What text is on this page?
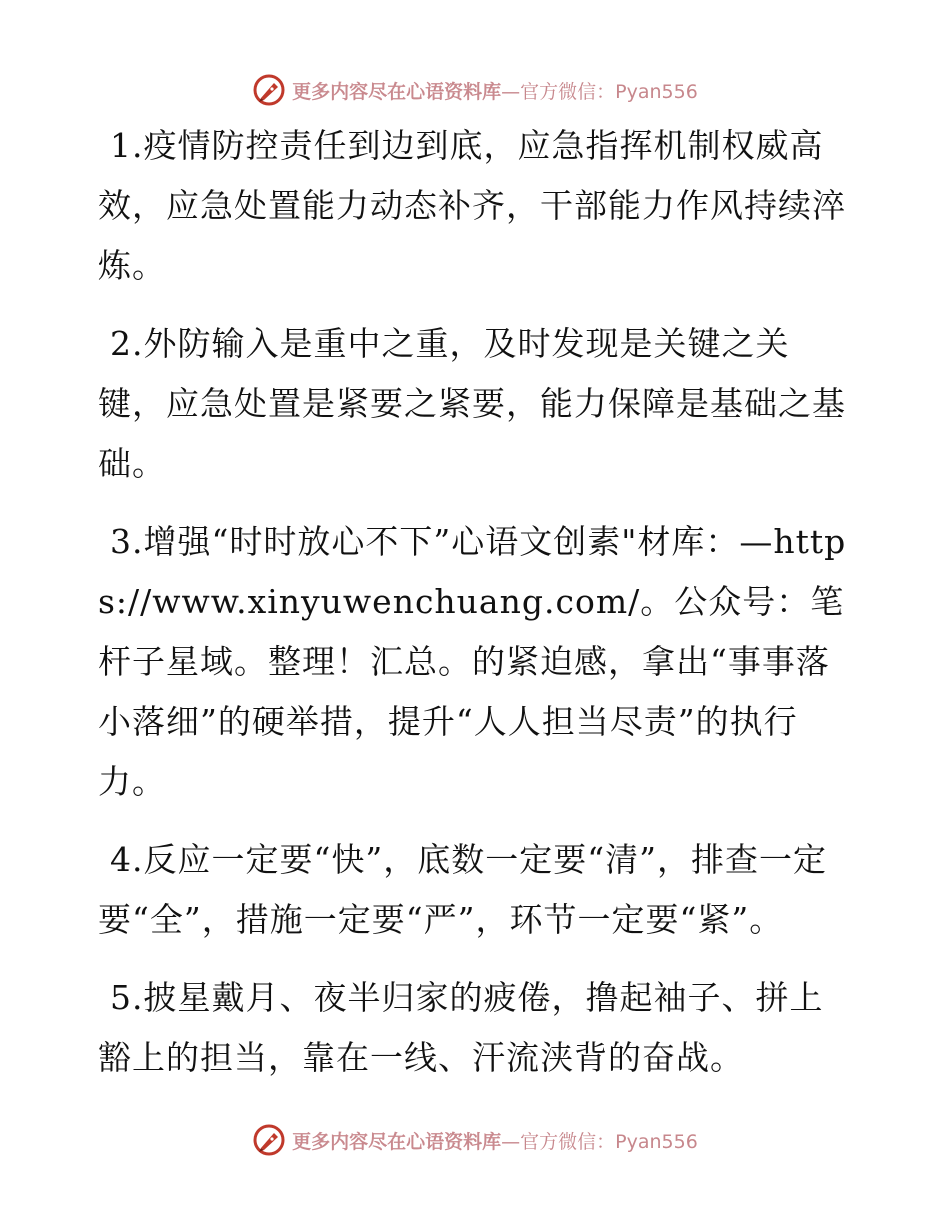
更多内容尽在心语资料库—官方微信：Pyan556

1.疫情防控责任到边到底，应急指挥机制权威高效，应急处置能力动态补齐，干部能力作风持续淬炼。

2.外防输入是重中之重，及时发现是关键之关键，应急处置是紧要之紧要，能力保障是基础之基础。

3.增强“时时放心不下”心语文创素"材库：—https://www.xinyuwenchuang.com/。公众号：笔杆子星域。整理！汇总。的紧迫感，拿出“事事落小落细”的硬举措，提升“人人担当尽责”的执行力。

4.反应一定要“快”，底数一定要“清”，排查一定要“全”，措施一定要“严”，环节一定要“紧”。

5.披星戴月、夜半归家的疲倦，撸起袖子、拼上豁上的担当，靠在一线、汗流浃背的奋战。

更多内容尽在心语资料库—官方微信：Pyan556
